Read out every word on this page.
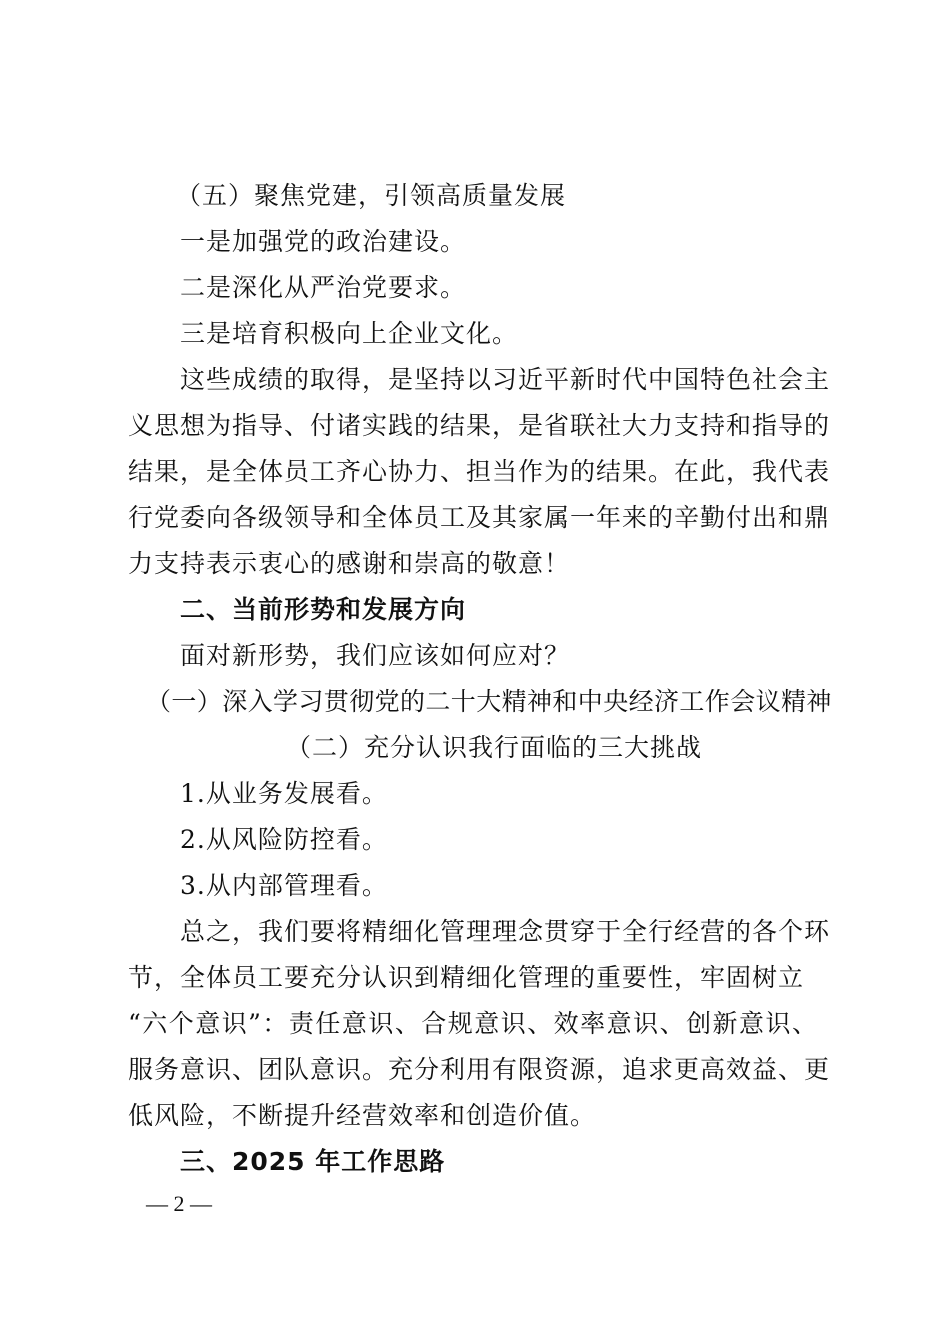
（五）聚焦党建，引领高质量发展
一是加强党的政治建设。
二是深化从严治党要求。
三是培育积极向上企业文化。
这些成绩的取得，是坚持以习近平新时代中国特色社会主
义思想为指导、付诸实践的结果，是省联社大力支持和指导的
结果，是全体员工齐心协力、担当作为的结果。在此，我代表
行党委向各级领导和全体员工及其家属一年来的辛勤付出和鼎
力支持表示衷心的感谢和崇高的敬意！
二、当前形势和发展方向
面对新形势，我们应该如何应对？
（一）深入学习贯彻党的二十大精神和中央经济工作会议精神
（二）充分认识我行面临的三大挑战
1.从业务发展看。
2.从风险防控看。
3.从内部管理看。
总之，我们要将精细化管理理念贯穿于全行经营的各个环
节，全体员工要充分认识到精细化管理的重要性，牢固树立
“六个意识”：责任意识、合规意识、效率意识、创新意识、
服务意识、团队意识。充分利用有限资源，追求更高效益、更
低风险，不断提升经营效率和创造价值。
三、2025 年工作思路
— 2 —
